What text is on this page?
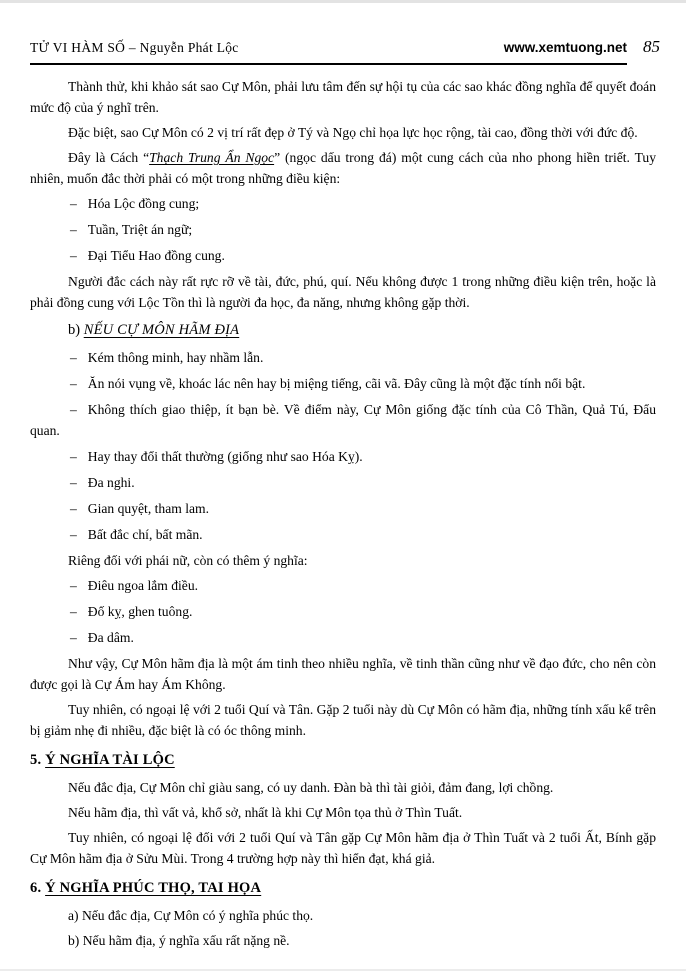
TỬ VI HÀM SỐ – Nguyễn Phát Lộc	www.xemtuong.net 85

Thành thử, khi khảo sát sao Cự Môn, phải lưu tâm đến sự hội tụ của các sao khác đồng nghĩa để quyết đoán mức độ của ý nghĩ trên.

Đặc biệt, sao Cự Môn có 2 vị trí rất đẹp ở Tý và Ngọ chỉ họa lực học rộng, tài cao, đồng thời với đức độ.

Đây là Cách “Thạch Trung Ẩn Ngọc” (ngọc dấu trong đá) một cung cách của nho phong hiền triết. Tuy nhiên, muốn đắc thời phải có một trong những điều kiện:

– Hóa Lộc đồng cung;

– Tuần, Triệt án ngữ;

– Đại Tiểu Hao đồng cung.

Người đắc cách này rất rực rỡ về tài, đức, phú, quí. Nếu không được 1 trong những điều kiện trên, hoặc là phải đồng cung với Lộc Tồn thì là người đa học, đa năng, nhưng không gặp thời.

b) NẾU CỰ MÔN HÃM ĐỊA

– Kém thông minh, hay nhầm lẫn.

– Ăn nói vụng về, khoác lác nên hay bị miệng tiếng, cãi vã. Đây cũng là một đặc tính nổi bật.

– Không thích giao thiệp, ít bạn bè. Về điểm này, Cự Môn giống đặc tính của Cô Thần, Quả Tú, Đẩu quan.

– Hay thay đổi thất thường (giống như sao Hóa Kỵ).

– Đa nghi.

– Gian quyệt, tham lam.

– Bất đắc chí, bất mãn.

Riêng đối với phái nữ, còn có thêm ý nghĩa:

– Điêu ngoa lắm điều.

– Đố kỵ, ghen tuông.

– Đa dâm.

Như vậy, Cự Môn hãm địa là một ám tinh theo nhiều nghĩa, về tinh thần cũng như về đạo đức, cho nên còn được gọi là Cự Ám hay Ám Không.

Tuy nhiên, có ngoại lệ với 2 tuổi Quí và Tân. Gặp 2 tuổi này dù Cự Môn có hãm địa, những tính xấu kể trên bị giảm nhẹ đi nhiều, đặc biệt là có óc thông minh.

5. Ý NGHĨA TÀI LỘC

Nếu đắc địa, Cự Môn chỉ giàu sang, có uy danh. Đàn bà thì tài giỏi, đảm đang, lợi chồng.

Nếu hãm địa, thì vất vả, khổ sở, nhất là khi Cự Môn tọa thủ ở Thìn Tuất.

Tuy nhiên, có ngoại lệ đối với 2 tuổi Quí và Tân gặp Cự Môn hãm địa ở Thìn Tuất và 2 tuổi Ất, Bính gặp Cự Môn hãm địa ở Sửu Mùi. Trong 4 trường hợp này thì hiển đạt, khá giả.

6. Ý NGHĨA PHÚC THỌ, TAI HỌA

a) Nếu đắc địa, Cự Môn có ý nghĩa phúc thọ.

b) Nếu hãm địa, ý nghĩa xấu rất nặng nề.
